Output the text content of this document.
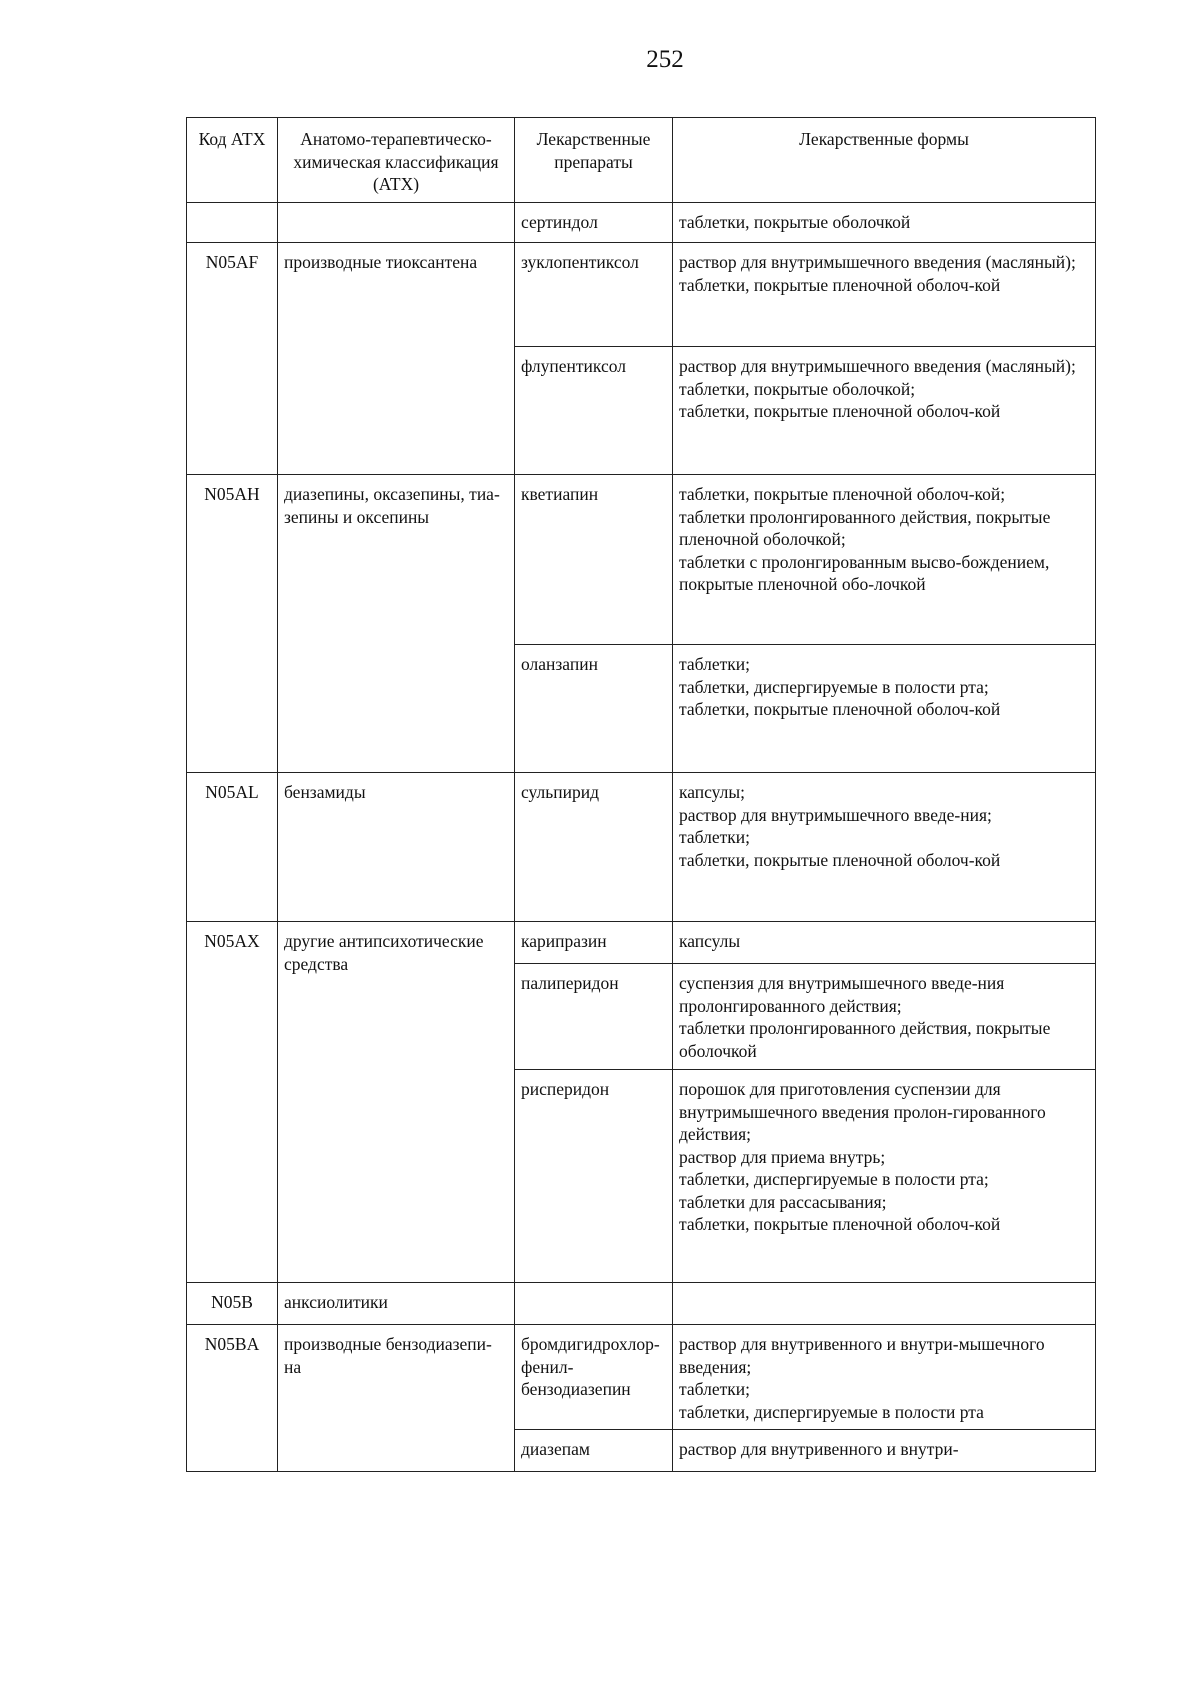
252
Код АТХ	Анатомо-терапевтическо-химическая классификация (АТХ)	Лекарственные препараты	Лекарственные формы
		сертиндол	таблетки, покрытые оболочкой

N05AF	производные тиоксантена	зуклопентиксол	раствор для внутримышечного введения (масляный);
таблетки, покрытые пленочной оболоч-кой

		флупентиксол	раствор для внутримышечного введения (масляный);
таблетки, покрытые оболочкой;
таблетки, покрытые пленочной оболоч-кой

N05AH	диазепины, оксазепины, тиа-зепины и оксепины	кветиапин	таблетки, покрытые пленочной оболоч-кой;
таблетки пролонгированного действия, покрытые пленочной оболочкой;
таблетки с пролонгированным высво-бождением, покрытые пленочной обо-лочкой

		оланзапин	таблетки;
таблетки, диспергируемые в полости рта;
таблетки, покрытые пленочной оболоч-кой

N05AL	бензамиды	сульпирид	капсулы;
раствор для внутримышечного введе-ния;
таблетки;
таблетки, покрытые пленочной оболоч-кой

N05AX	другие антипсихотические средства	карипразин	капсулы

		палиперидон	суспензия для внутримышечного введе-ния пролонгированного действия;
таблетки пролонгированного действия, покрытые оболочкой

		рисперидон	порошок для приготовления суспензии для внутримышечного введения пролон-гированного действия;
раствор для приема внутрь;
таблетки, диспергируемые в полости рта;
таблетки для рассасывания;
таблетки, покрытые пленочной оболоч-кой

N05B	анксиолитики		
N05BA	производные бензодиазепи-на	бромдигидрохлор-фенил-бензодиазепин	раствор для внутривенного и внутри-мышечного введения;
таблетки;
таблетки, диспергируемые в полости рта

		диазепам	раствор для внутривенного и внутри-
